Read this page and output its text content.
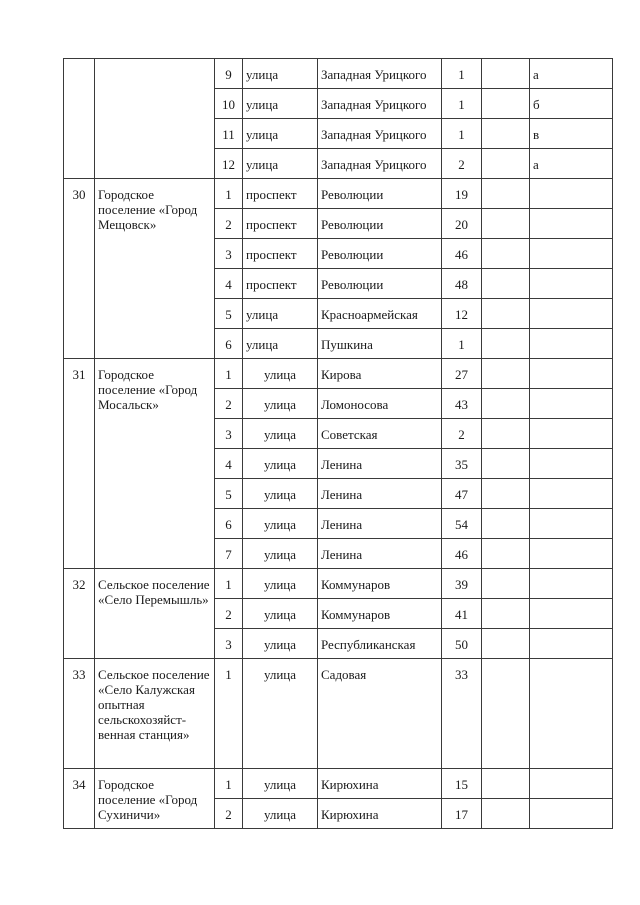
		9	улица	Западная Урицкого	1		а
		10	улица	Западная Урицкого	1		б
		11	улица	Западная Урицкого	1		в
		12	улица	Западная Урицкого	2		а
30	Городское поселение «Город Мещовск»	1	проспект	Революции	19		
		2	проспект	Революции	20		
		3	проспект	Революции	46		
		4	проспект	Революции	48		
		5	улица	Красноармейская	12		
		6	улица	Пушкина	1		
31	Городское поселение «Город Мосальск»	1	улица	Кирова	27		
		2	улица	Ломоносова	43		
		3	улица	Советская	2		
		4	улица	Ленина	35		
		5	улица	Ленина	47		
		6	улица	Ленина	54		
		7	улица	Ленина	46		
32	Сельское поселение «Село Перемышль»	1	улица	Коммунаров	39		
		2	улица	Коммунаров	41		
		3	улица	Республиканская	50		
33	Сельское поселение «Село Калужская опытная сельскохозяйст-венная станция»	1	улица	Садовая	33		
34	Городское поселение «Город Сухиничи»	1	улица	Кирюхина	15		
		2	улица	Кирюхина	17		
